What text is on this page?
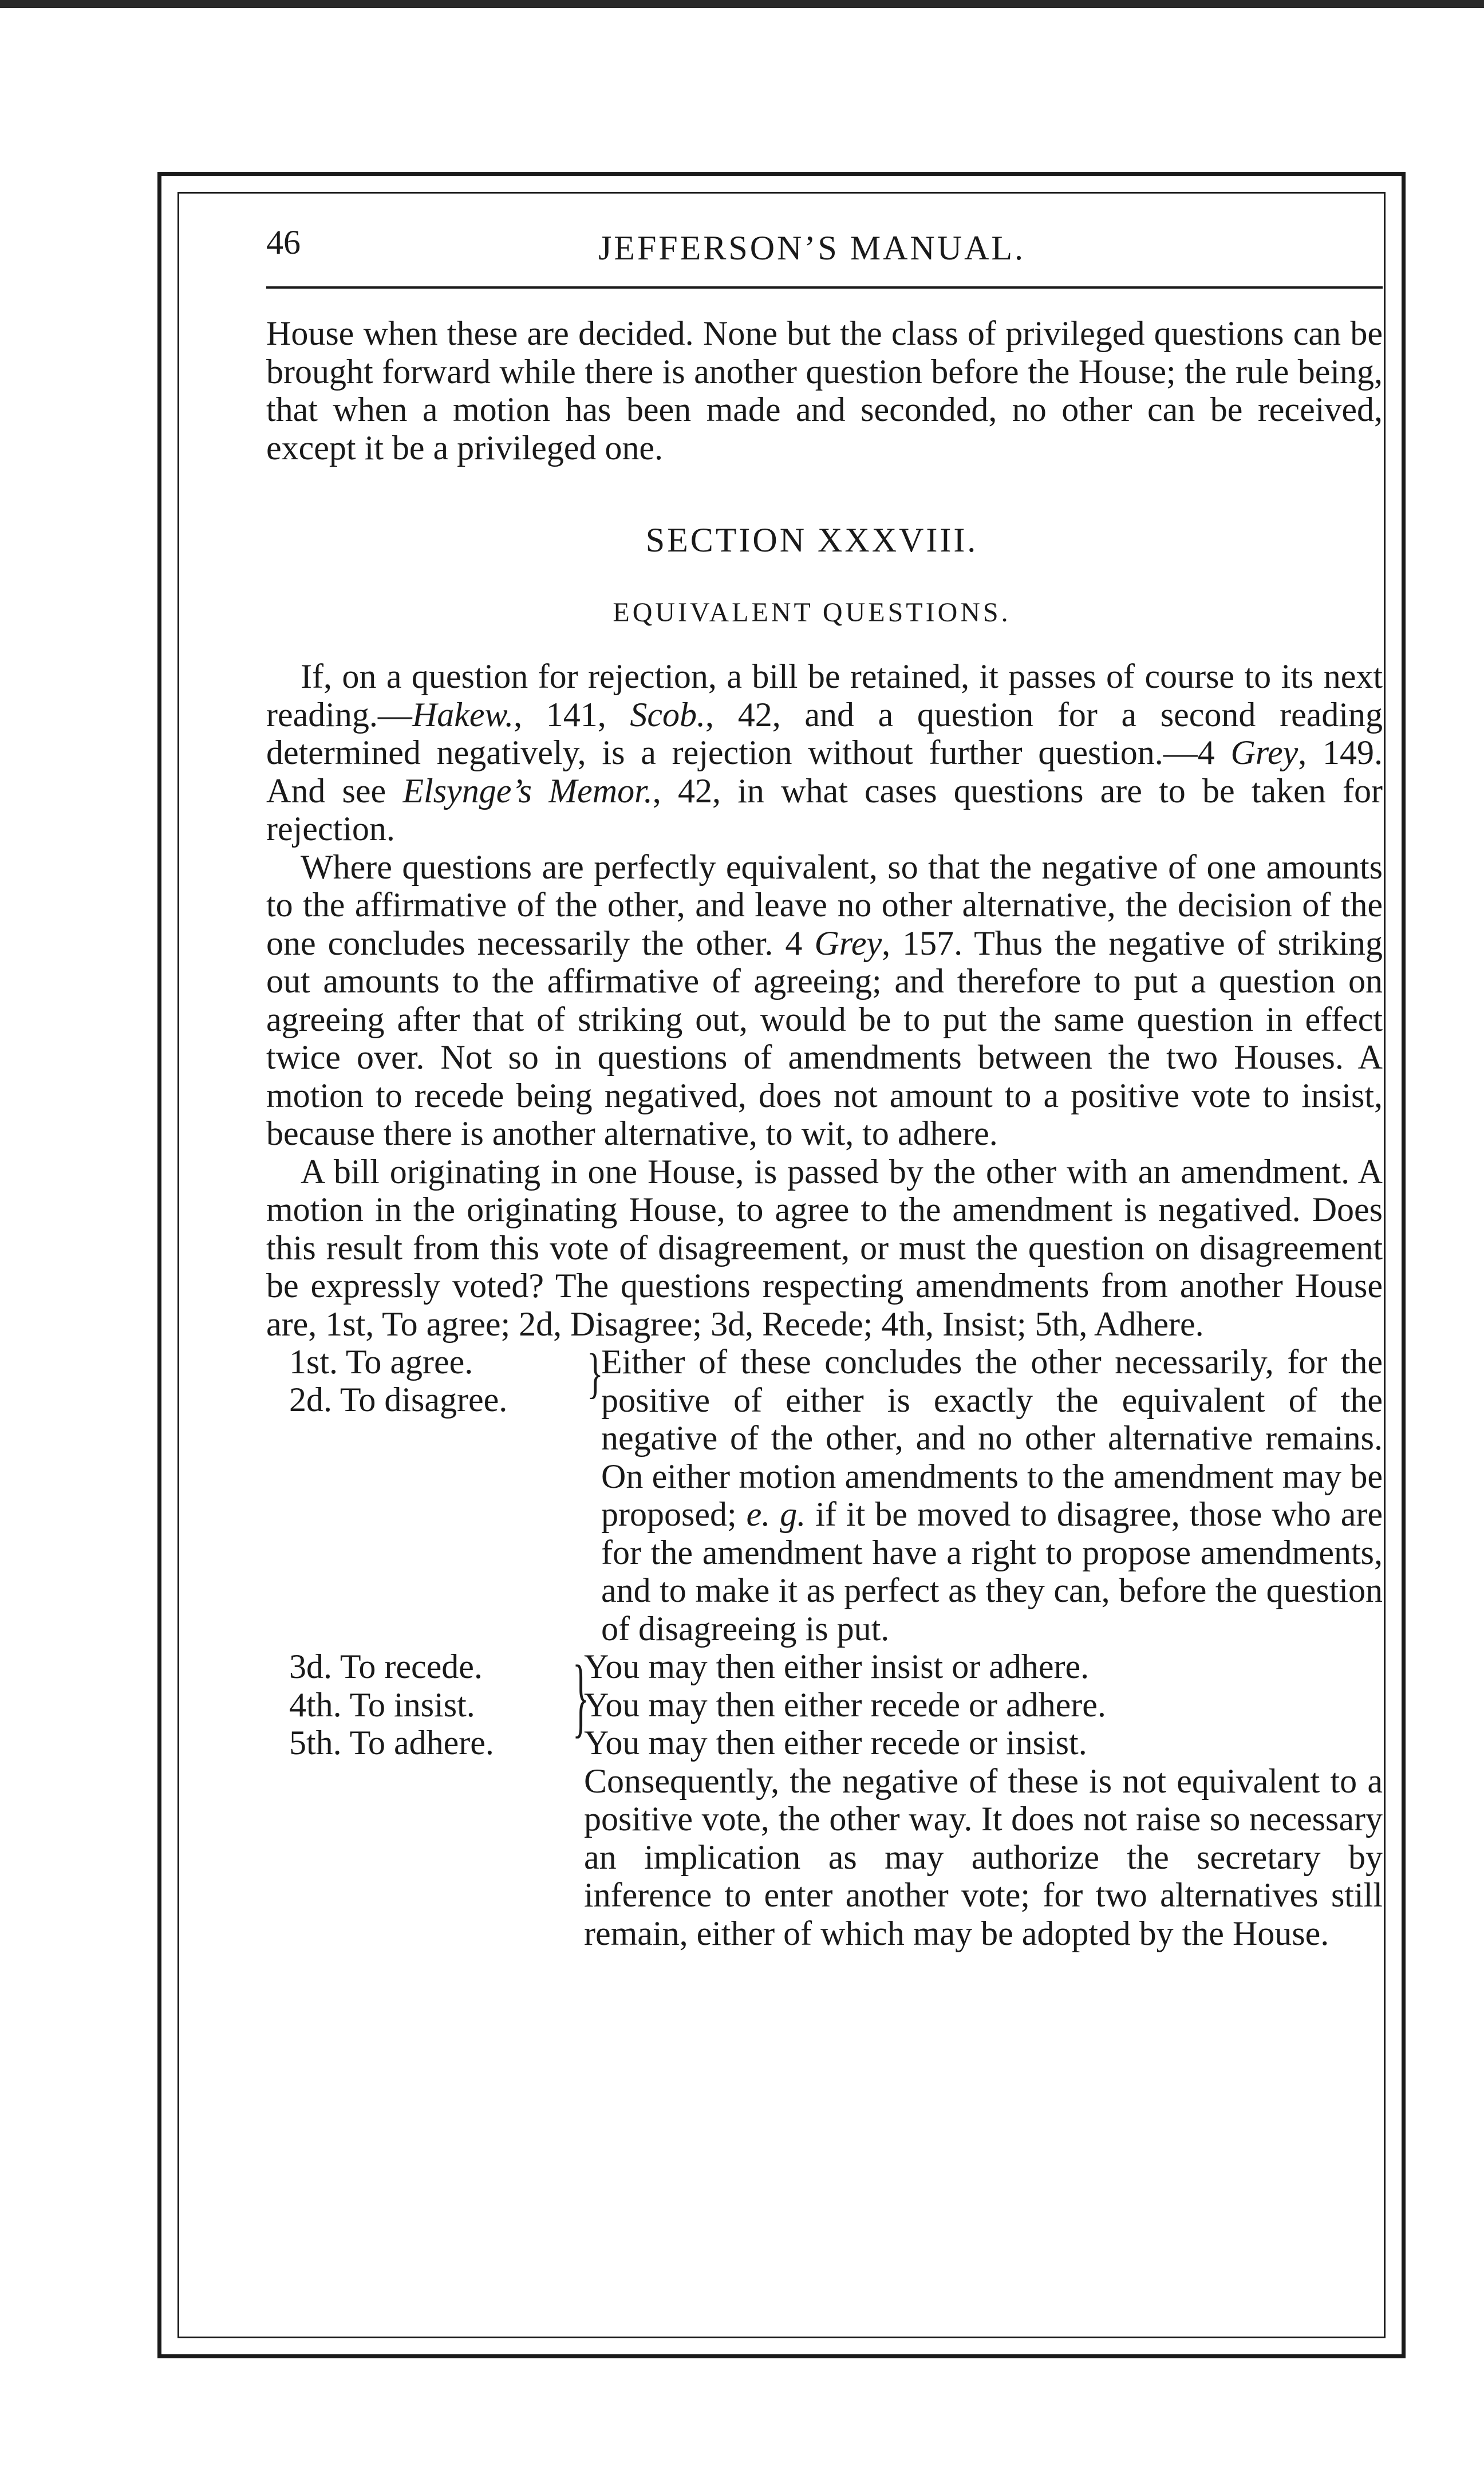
46	JEFFERSON’S MANUAL.

House when these are decided. None but the class of privileged questions can be brought forward while there is another question before the House; the rule being, that when a motion has been made and seconded, no other can be received, except it be a privileged one.

SECTION XXXVIII.
EQUIVALENT QUESTIONS.

If, on a question for rejection, a bill be retained, it passes of course to its next reading.—Hakew., 141, Scob., 42, and a question for a second reading determined negatively, is a rejection without further question.—4 Grey, 149. And see Elsynge’s Memor., 42, in what cases questions are to be taken for rejection.

Where questions are perfectly equivalent, so that the negative of one amounts to the affirmative of the other, and leave no other alternative, the decision of the one concludes necessarily the other. 4 Grey, 157. Thus the negative of striking out amounts to the affirmative of agreeing; and therefore to put a question on agreeing after that of striking out, would be to put the same question in effect twice over. Not so in questions of amendments between the two Houses. A motion to recede being negatived, does not amount to a positive vote to insist, because there is another alternative, to wit, to adhere.

A bill originating in one House, is passed by the other with an amendment. A motion in the originating House, to agree to the amendment is negatived. Does this result from this vote of disagreement, or must the question on disagreement be expressly voted? The questions respecting amendments from another House are, 1st, To agree; 2d, Disagree; 3d, Recede; 4th, Insist; 5th, Adhere.

1st. To agree.
2d. To disagree. }
Either of these concludes the other necessarily, for the positive of either is exactly the equivalent of the negative of the other, and no other alternative remains. On either motion amendments to the amendment may be proposed; e. g. if it be moved to disagree, those who are for the amendment have a right to propose amendments, and to make it as perfect as they can, before the question of disagreeing is put.
3d. To recede.	You may then either insist or adhere.
4th. To insist.	You may then either recede or adhere.
5th. To adhere.	You may then either recede or insist.
}
Consequently, the negative of these is not equivalent to a positive vote, the other way. It does not raise so necessary an implication as may authorize the secretary by inference to enter another vote; for two alternatives still remain, either of which may be adopted by the House.
